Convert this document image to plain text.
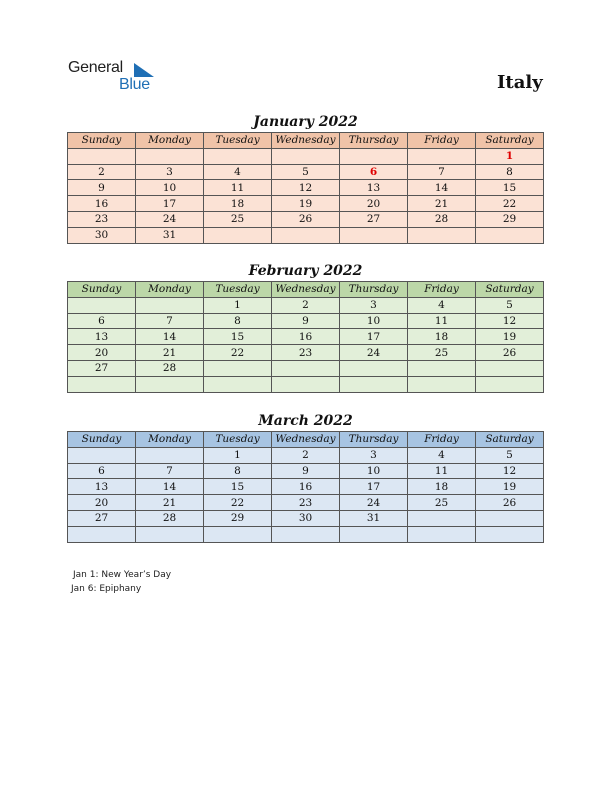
General
Blue	Italy
January 2022
Sunday	Monday	Tuesday	Wednesday	Thursday	Friday	Saturday
						1
2	3	4	5	6	7	8
9	10	11	12	13	14	15
16	17	18	19	20	21	22
23	24	25	26	27	28	29
30	31					
February 2022
Sunday	Monday	Tuesday	Wednesday	Thursday	Friday	Saturday
		1	2	3	4	5
6	7	8	9	10	11	12
13	14	15	16	17	18	19
20	21	22	23	24	25	26
27	28					

March 2022
Sunday	Monday	Tuesday	Wednesday	Thursday	Friday	Saturday
		1	2	3	4	5
6	7	8	9	10	11	12
13	14	15	16	17	18	19
20	21	22	23	24	25	26
27	28	29	30	31		

Jan 1: New Year’s Day
Jan 6: Epiphany
